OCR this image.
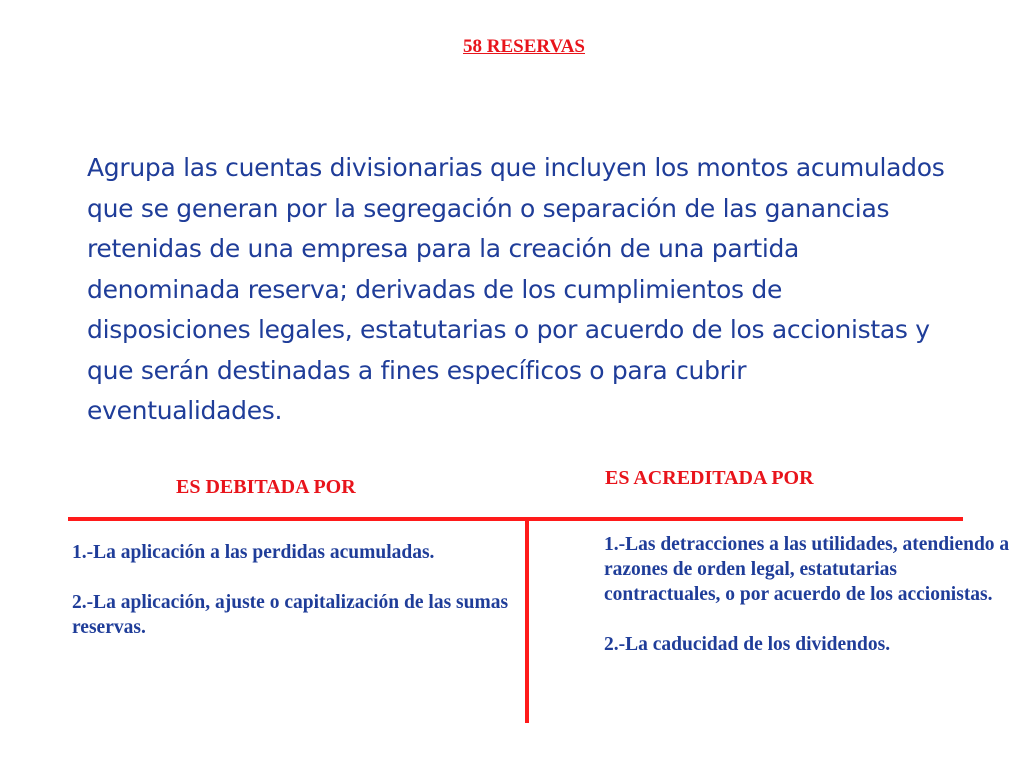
58 RESERVAS
Agrupa las cuentas divisionarias que incluyen los montos acumulados que se generan por la segregación o separación de las ganancias retenidas de una empresa para la creación de una partida denominada reserva; derivadas de los cumplimientos de disposiciones legales, estatutarias o por acuerdo de los accionistas y que serán destinadas a fines específicos o para cubrir eventualidades.
ES DEBITADA POR	ES ACREDITADA POR

1.-La aplicación a las perdidas acumuladas.

2.-La aplicación, ajuste o capitalización de las sumas reservas.

1.-Las detracciones a las utilidades, atendiendo a razones de orden legal, estatutarias contractuales, o por acuerdo de los accionistas.

2.-La caducidad de los dividendos.
